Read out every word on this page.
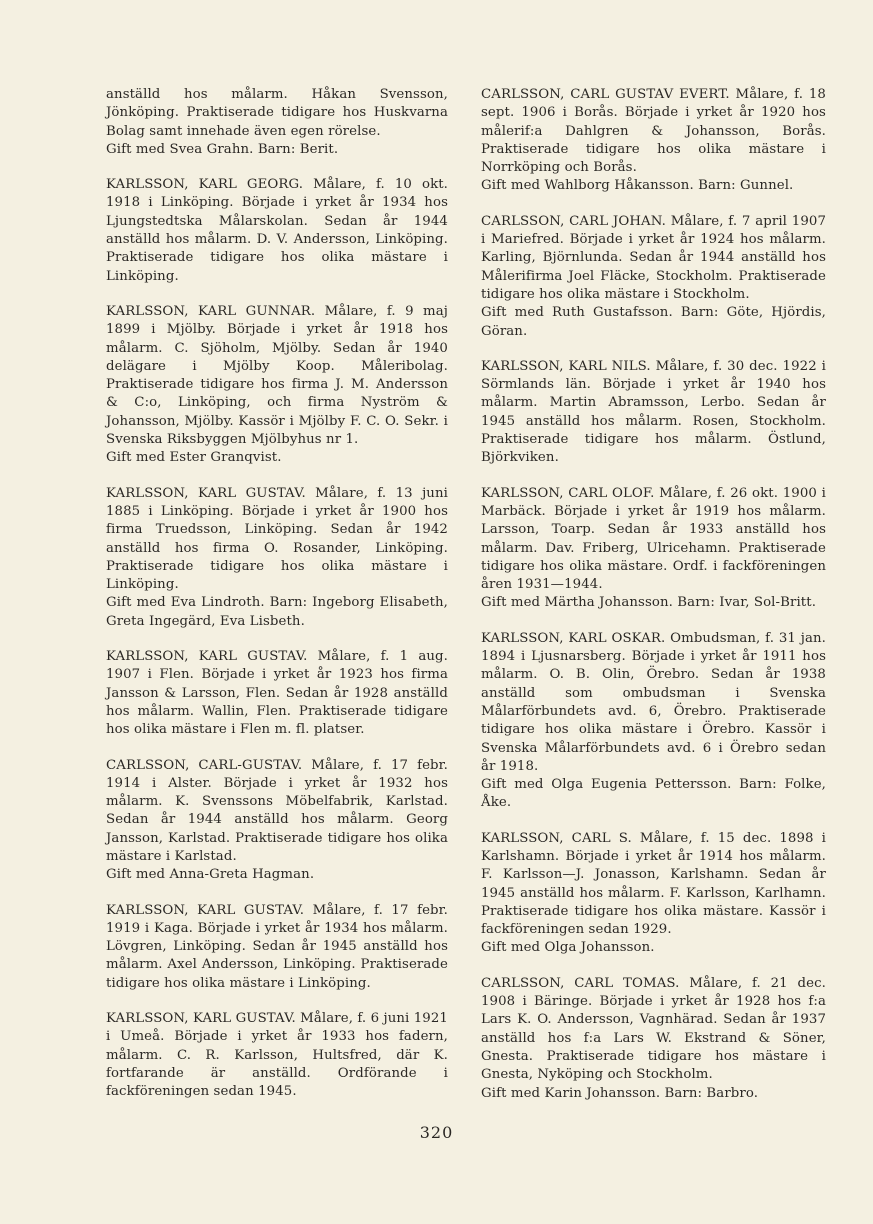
anställd hos målarm. Håkan Svensson, Jönköping. Praktiserade tidigare hos Huskvarna Bolag samt innehade även egen rörelse.

Gift med Svea Grahn. Barn: Berit.

KARLSSON, KARL GEORG. Målare, f. 10 okt. 1918 i Linköping. Började i yrket år 1934 hos Ljungstedtska Målarskolan. Sedan år 1944 anställd hos målarm. D. V. Andersson, Linköping. Praktiserade tidigare hos olika mästare i Linköping.

KARLSSON, KARL GUNNAR. Målare, f. 9 maj 1899 i Mjölby. Började i yrket år 1918 hos målarm. C. Sjöholm, Mjölby. Sedan år 1940 delägare i Mjölby Koop. Måleribolag. Praktiserade tidigare hos firma J. M. Andersson & C:o, Linköping, och firma Nyström & Johansson, Mjölby. Kassör i Mjölby F. C. O. Sekr. i Svenska Riksbyggen Mjölbyhus nr 1.

Gift med Ester Granqvist.

KARLSSON, KARL GUSTAV. Målare, f. 13 juni 1885 i Linköping. Började i yrket år 1900 hos firma Truedsson, Linköping. Sedan år 1942 anställd hos firma O. Rosander, Linköping. Praktiserade tidigare hos olika mästare i Linköping.

Gift med Eva Lindroth. Barn: Ingeborg Elisabeth, Greta Ingegärd, Eva Lisbeth.

KARLSSON, KARL GUSTAV. Målare, f. 1 aug. 1907 i Flen. Började i yrket år 1923 hos firma Jansson & Larsson, Flen. Sedan år 1928 anställd hos målarm. Wallin, Flen. Praktiserade tidigare hos olika mästare i Flen m. fl. platser.

CARLSSON, CARL-GUSTAV. Målare, f. 17 febr. 1914 i Alster. Började i yrket år 1932 hos målarm. K. Svenssons Möbelfabrik, Karlstad. Sedan år 1944 anställd hos målarm. Georg Jansson, Karlstad. Praktiserade tidigare hos olika mästare i Karlstad.

Gift med Anna-Greta Hagman.

KARLSSON, KARL GUSTAV. Målare, f. 17 febr. 1919 i Kaga. Började i yrket år 1934 hos målarm. Lövgren, Linköping. Sedan år 1945 anställd hos målarm. Axel Andersson, Linköping. Praktiserade tidigare hos olika mästare i Linköping.

KARLSSON, KARL GUSTAV. Målare, f. 6 juni 1921 i Umeå. Började i yrket år 1933 hos fadern, målarm. C. R. Karlsson, Hultsfred, där K. fortfarande är anställd. Ordförande i fackföreningen sedan 1945.

CARLSSON, CARL GUSTAV EVERT. Målare, f. 18 sept. 1906 i Borås. Började i yrket år 1920 hos målerif:a Dahlgren & Johansson, Borås. Praktiserade tidigare hos olika mästare i Norrköping och Borås.

Gift med Wahlborg Håkansson. Barn: Gunnel.

CARLSSON, CARL JOHAN. Målare, f. 7 april 1907 i Mariefred. Började i yrket år 1924 hos målarm. Karling, Björnlunda. Sedan år 1944 anställd hos Målerifirma Joel Fläcke, Stockholm. Praktiserade tidigare hos olika mästare i Stockholm.

Gift med Ruth Gustafsson. Barn: Göte, Hjördis, Göran.

KARLSSON, KARL NILS. Målare, f. 30 dec. 1922 i Sörmlands län. Började i yrket år 1940 hos målarm. Martin Abramsson, Lerbo. Sedan år 1945 anställd hos målarm. Rosen, Stockholm. Praktiserade tidigare hos målarm. Östlund, Björkviken.

KARLSSON, CARL OLOF. Målare, f. 26 okt. 1900 i Marbäck. Började i yrket år 1919 hos målarm. Larsson, Toarp. Sedan år 1933 anställd hos målarm. Dav. Friberg, Ulricehamn. Praktiserade tidigare hos olika mästare. Ordf. i fackföreningen åren 1931—1944.

Gift med Märtha Johansson. Barn: Ivar, Sol-Britt.

KARLSSON, KARL OSKAR. Ombudsman, f. 31 jan. 1894 i Ljusnarsberg. Började i yrket år 1911 hos målarm. O. B. Olin, Örebro. Sedan år 1938 anställd som ombudsman i Svenska Målarförbundets avd. 6, Örebro. Praktiserade tidigare hos olika mästare i Örebro. Kassör i Svenska Målarförbundets avd. 6 i Örebro sedan år 1918.

Gift med Olga Eugenia Pettersson. Barn: Folke, Åke.

KARLSSON, CARL S. Målare, f. 15 dec. 1898 i Karlshamn. Började i yrket år 1914 hos målarm. F. Karlsson—J. Jonasson, Karlshamn. Sedan år 1945 anställd hos målarm. F. Karlsson, Karlhamn. Praktiserade tidigare hos olika mästare. Kassör i fackföreningen sedan 1929.

Gift med Olga Johansson.

CARLSSON, CARL TOMAS. Målare, f. 21 dec. 1908 i Bäringe. Började i yrket år 1928 hos f:a Lars K. O. Andersson, Vagnhärad. Sedan år 1937 anställd hos f:a Lars W. Ekstrand & Söner, Gnesta. Praktiserade tidigare hos mästare i Gnesta, Nyköping och Stockholm.

Gift med Karin Johansson. Barn: Barbro.

320
